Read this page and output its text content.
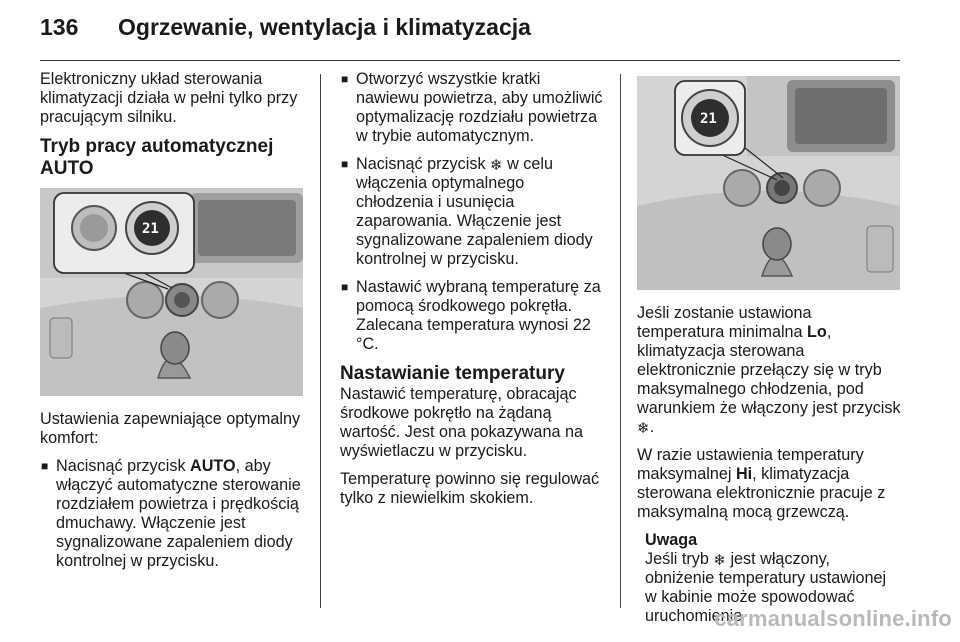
136 Ogrzewanie, wentylacja i klimatyzacja

Elektroniczny układ sterowania klimatyzacji działa w pełni tylko przy pracującym silniku.

Tryb pracy automatycznej AUTO
21

Ustawienia zapewniające optymalny komfort:

■ Nacisnąć przycisk AUTO, aby włączyć automatyczne sterowanie rozdziałem powietrza i prędkością dmuchawy. Włączenie jest sygnalizowane zapaleniem diody kontrolnej w przycisku.
■ Otworzyć wszystkie kratki nawiewu powietrza, aby umożliwić optymalizację rozdziału powietrza w trybie automatycznym.
■ Nacisnąć przycisk ❄ w celu włączenia optymalnego chłodzenia i usunięcia zaparowania. Włączenie jest sygnalizowane zapaleniem diody kontrolnej w przycisku.
■ Nastawić wybraną temperaturę za pomocą środkowego pokrętła. Zalecana temperatura wynosi 22 °C.
Nastawianie temperatury

Nastawić temperaturę, obracając środkowe pokrętło na żądaną wartość. Jest ona pokazywana na wyświetlaczu w przycisku.

Temperaturę powinno się regulować tylko z niewielkim skokiem.

21

Jeśli zostanie ustawiona temperatura minimalna Lo, klimatyzacja sterowana elektronicznie przełączy się w tryb maksymalnego chłodzenia, pod warunkiem że włączony jest przycisk ❄.

W razie ustawienia temperatury maksymalnej Hi, klimatyzacja sterowana elektronicznie pracuje z maksymalną mocą grzewczą.

Uwaga
Jeśli tryb ❄ jest włączony, obniżenie temperatury ustawionej w kabinie może spowodować uruchomienie
carmanualsonline.info
